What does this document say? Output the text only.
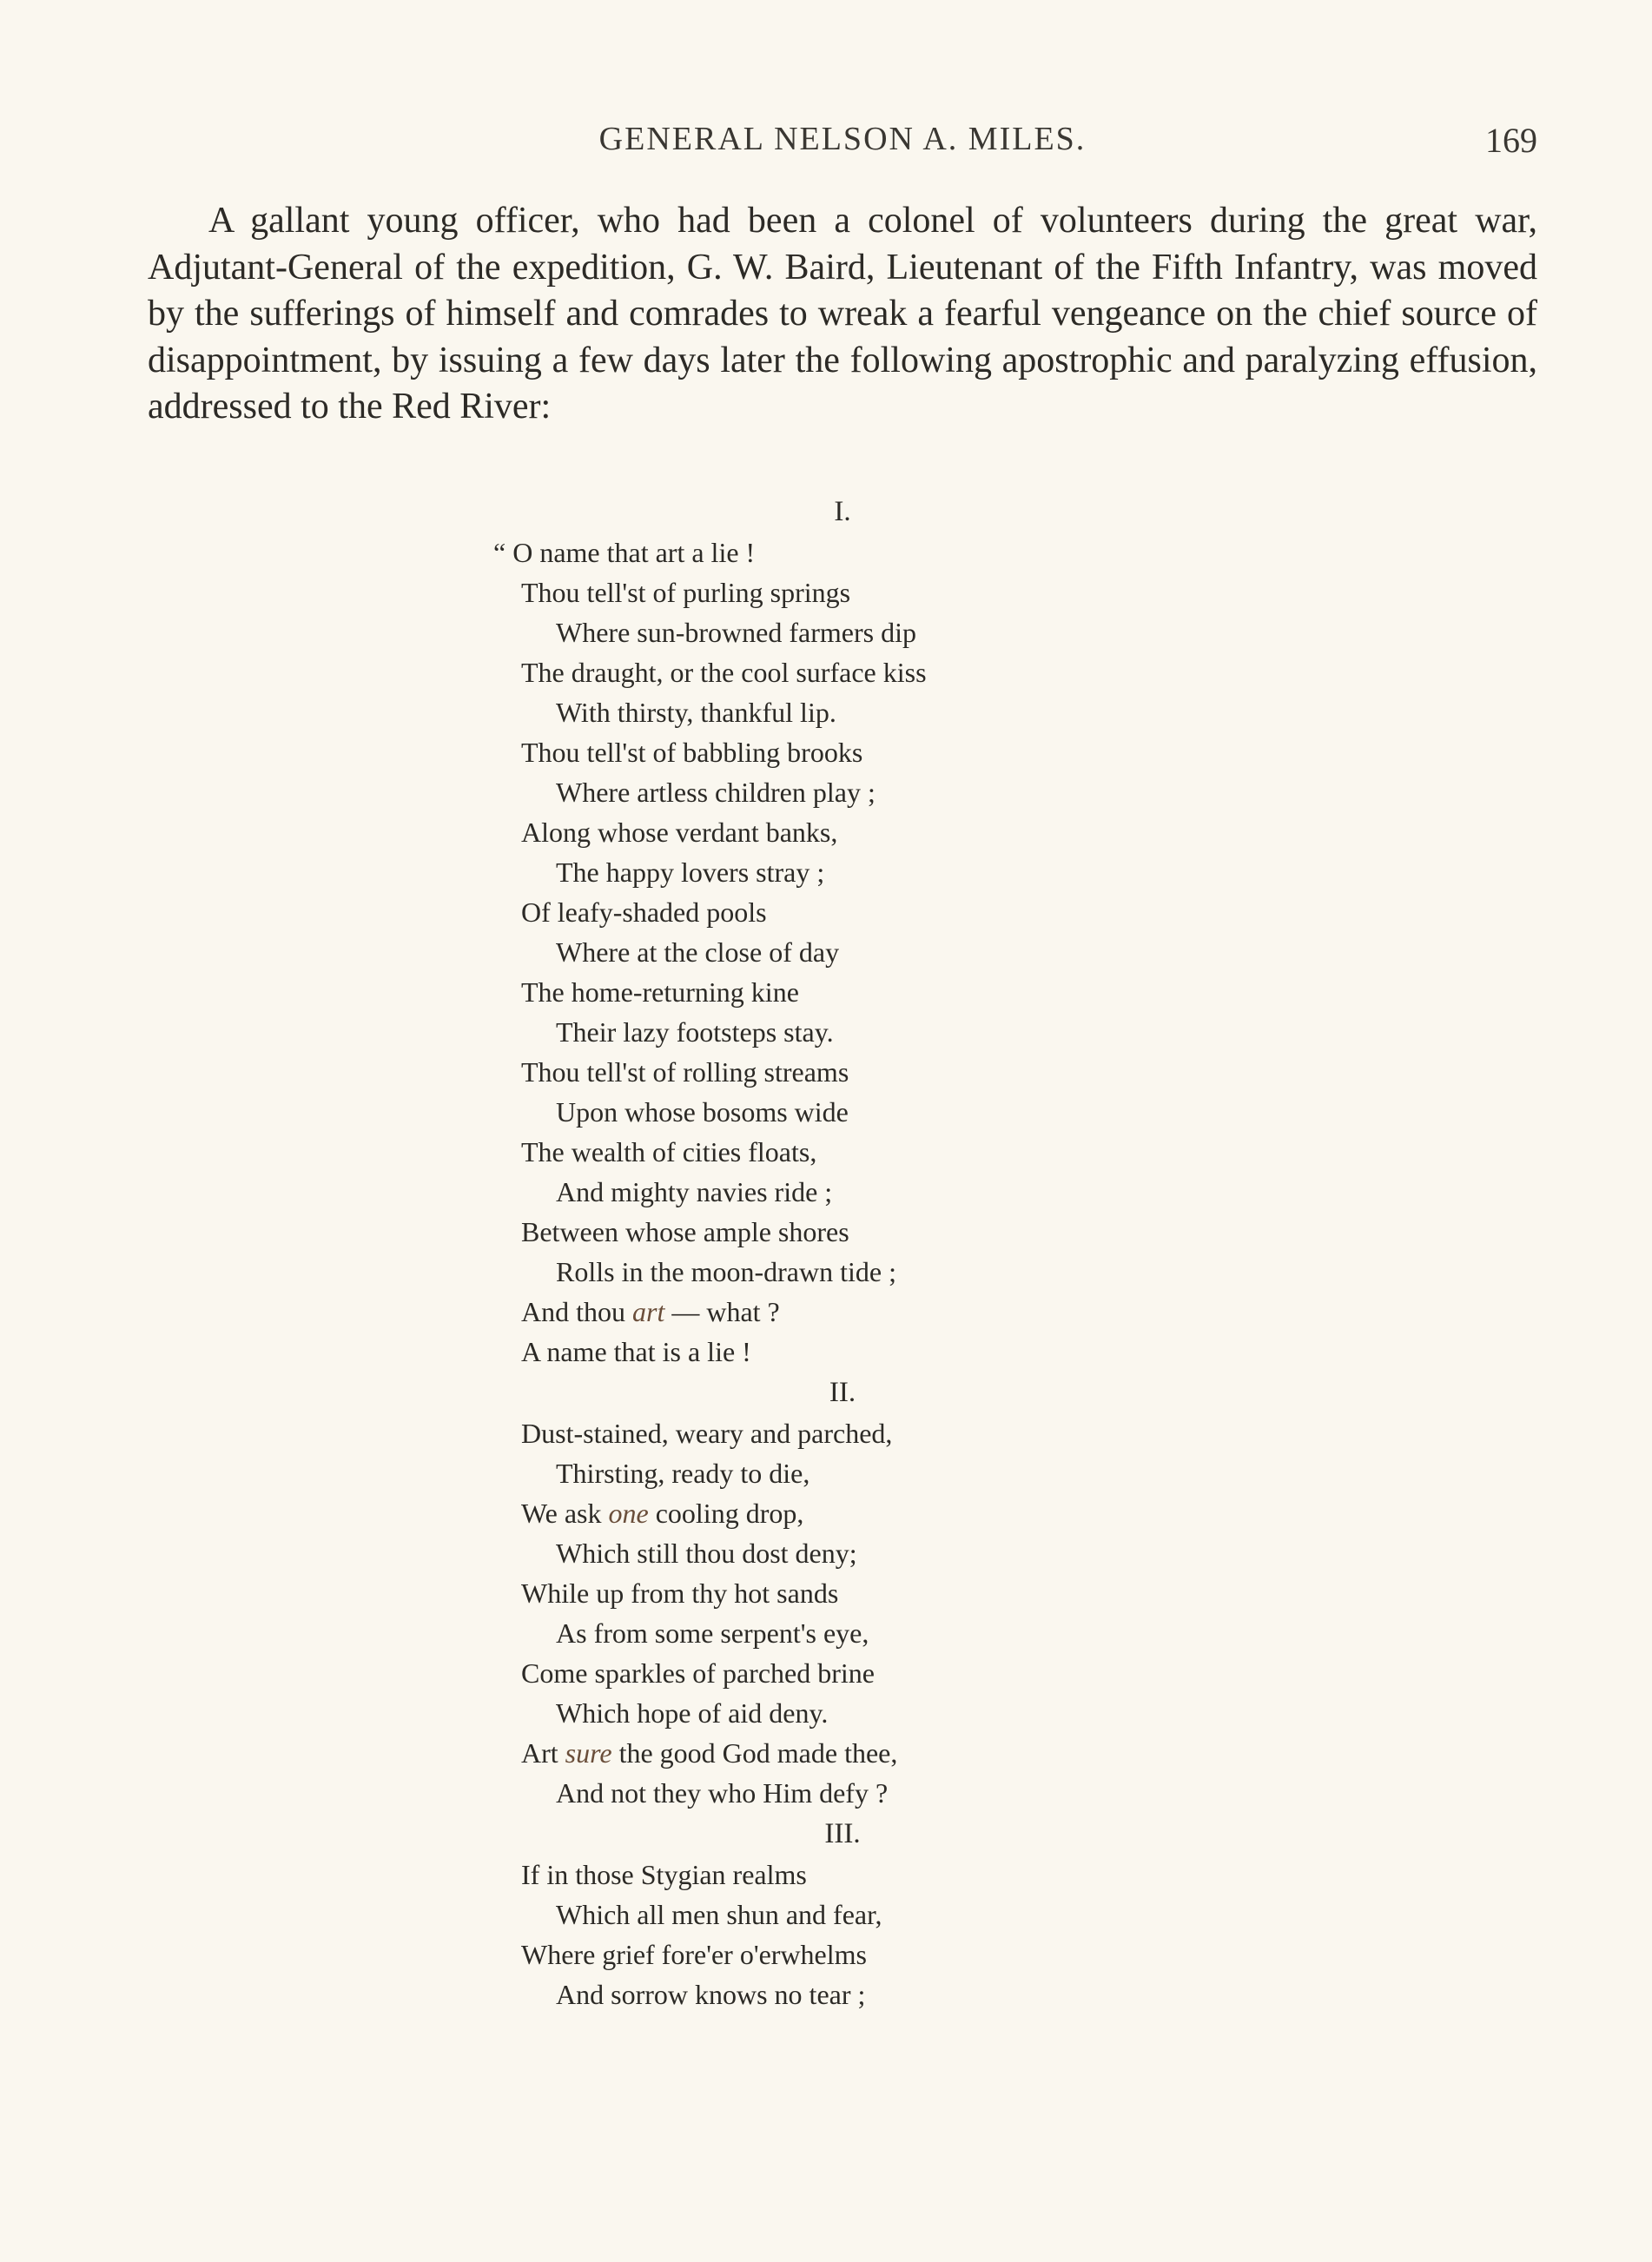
GENERAL NELSON A. MILES.	169

A gallant young officer, who had been a colonel of volunteers during the great war, Adjutant-General of the expedition, G. W. Baird, Lieutenant of the Fifth Infantry, was moved by the sufferings of himself and comrades to wreak a fearful vengeance on the chief source of disappointment, by issuing a few days later the following apostrophic and paralyzing effusion, addressed to the Red River:

I.
“ O name that art a lie !
Thou tell'st of purling springs
Where sun-browned farmers dip
The draught, or the cool surface kiss
With thirsty, thankful lip.
Thou tell'st of babbling brooks
Where artless children play ;
Along whose verdant banks,
The happy lovers stray ;
Of leafy-shaded pools
Where at the close of day
The home-returning kine
Their lazy footsteps stay.
Thou tell'st of rolling streams
Upon whose bosoms wide
The wealth of cities floats,
And mighty navies ride ;
Between whose ample shores
Rolls in the moon-drawn tide ;
And thou art — what ?
A name that is a lie !
II.
Dust-stained, weary and parched,
Thirsting, ready to die,
We ask one cooling drop,
Which still thou dost deny;
While up from thy hot sands
As from some serpent's eye,
Come sparkles of parched brine
Which hope of aid deny.
Art sure the good God made thee,
And not they who Him defy ?
III.
If in those Stygian realms
Which all men shun and fear,
Where grief fore'er o'erwhelms
And sorrow knows no tear ;
